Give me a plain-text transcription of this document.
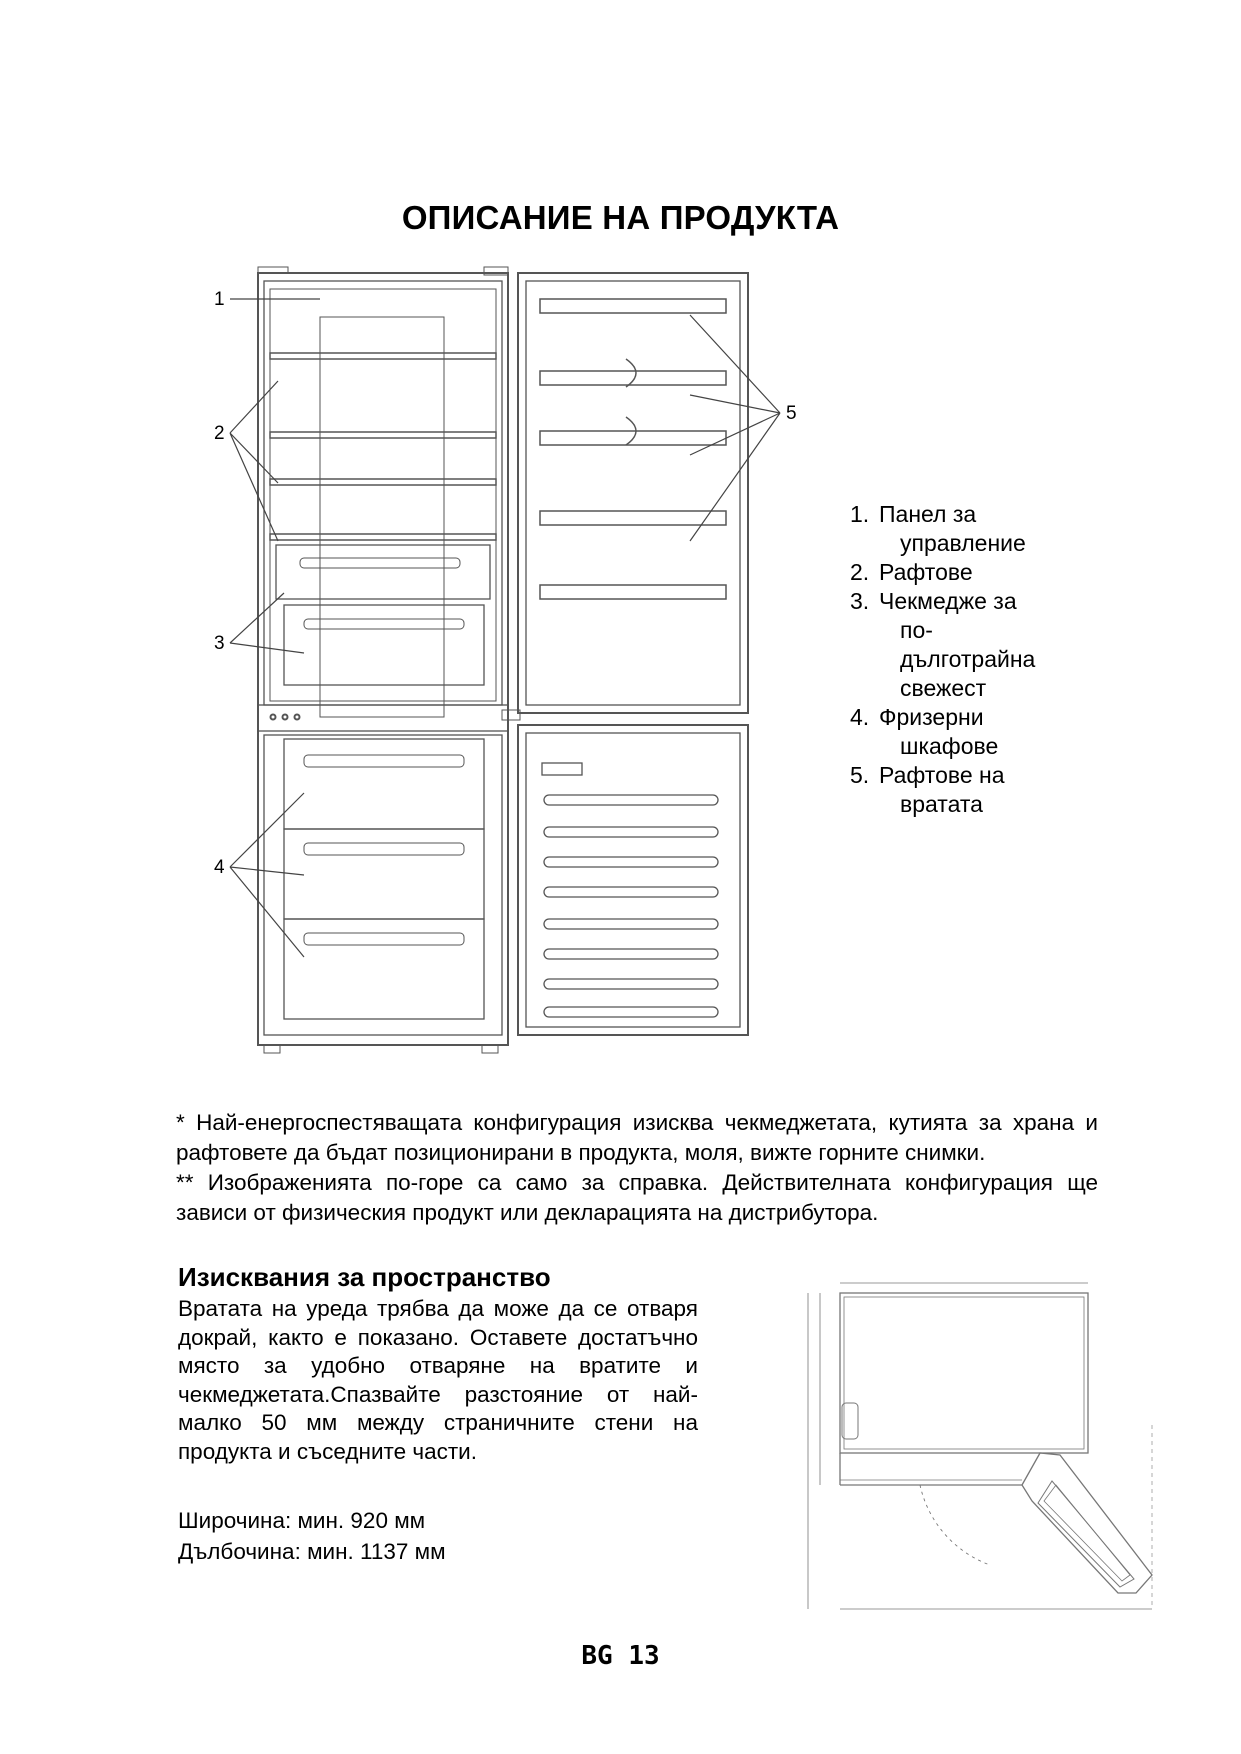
ОПИСАНИЕ НА ПРОДУКТА
1
2
3
4
5
1. Панел за
управление
2. Рафтове
3. Чекмедже за
по-
дълготрайна
свежест
4. Фризерни
шкафове
5. Рафтове на
вратата

* Най-енергоспестяващата конфигурация изисква чекмеджетата, кутията за храна и рафтовете да бъдат позиционирани в продукта, моля, вижте горните снимки.

** Изображенията по-горе са само за справка. Действителната конфигурация ще зависи от физическия продукт или декларацията на дистрибутора.

Изисквания за пространство

Вратата на уреда трябва да може да се отваря докрай, както е показано. Оставете достатъчно място за удобно отваряне на вратите и чекмеджетата.Спазвайте разстояние от най-малко 50 мм между страничните стени на продукта и съседните части.

Широчина: мин. 920 мм
Дълбочина: мин. 1137 мм
BG 13
